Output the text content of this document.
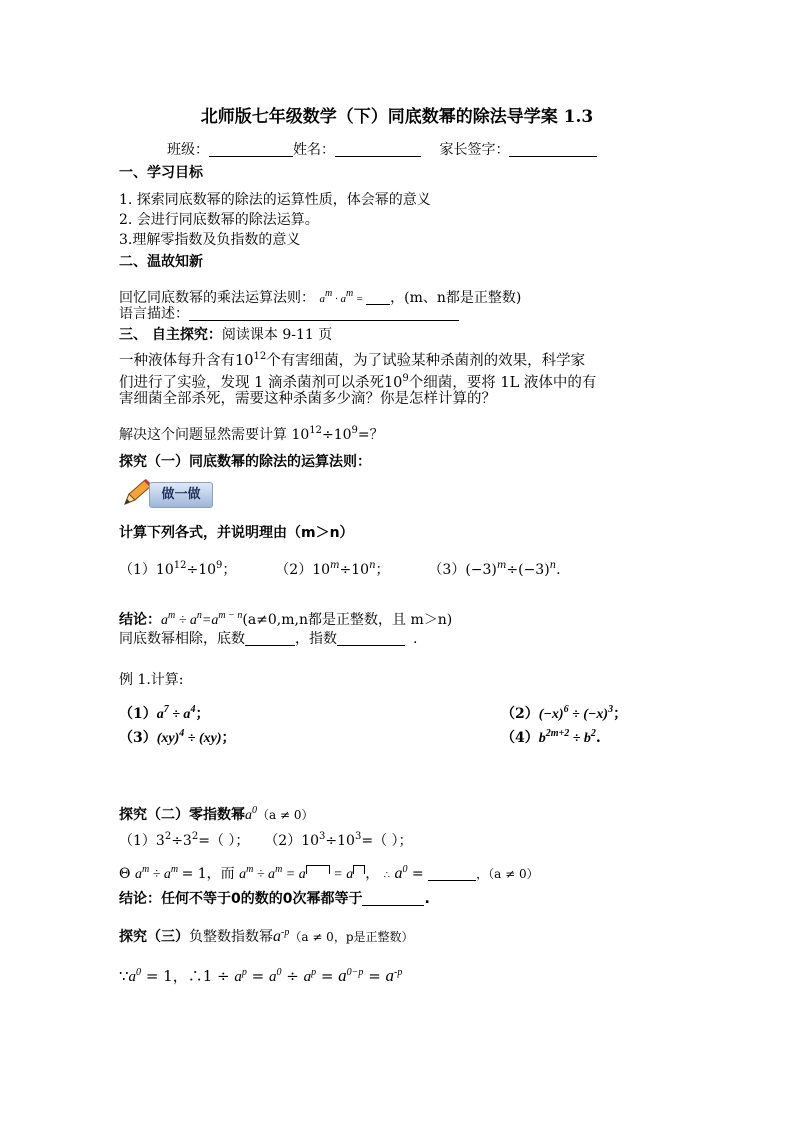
北师版七年级数学（下）同底数幂的除法导学案 1.3
班级：	姓名：	家长签字：
一、学习目标
1. 探索同底数幂的除法的运算性质，体会幂的意义
2. 会进行同底数幂的除法运算。
3.理解零指数及负指数的意义
二、温故知新
回忆同底数幂的乘法运算法则： am · am = ，(m、n都是正整数)
语言描述：
三、 自主探究：阅读课本 9-11 页
一种液体每升含有$10^{12}$个有害细菌，为了试验某种杀菌剂的效果，科学家
们进行了实验，发现 1 滴杀菌剂可以杀死$10^9$个细菌，要将 1L 液体中的有
害细菌全部杀死，需要这种杀菌多少滴？你是怎样计算的？
解决这个问题显然需要计算 $10^{12}\div 10^9=$？
探究（一）同底数幂的除法的运算法则：
做一做
计算下列各式，并说明理由（m＞n）
$(1)10^{12}\div 10^9$；	$(2)10^m\div 10^n$；	$(3)(-3)^m\div(-3)^n$.
结论：$a^m \div a^n=a^{m - n}(a\ne 0,m,n$都是正整数，且 m＞n)
同底数幂相除，底数	，指数	.
例 1.计算:
$(1)a^7 \div a^4$；	$(2)(-x)^6 \div (-x)^3$；
（3）(xy)$^4$ ÷ (xy)；	$(4)b^{2m+2} \div b^2$.
探究（二）零指数幂$a^0(a \ne 0)$
$(1)3^2\div 3^2=$（ ）； $(2)10^3\div 10^3=$（ ）；
Θ $a^m \div a^m = 1$，而 $a^m \div a^m = a = a$ ， ∴ $a^0$ =	，（a ≠ 0）
结论：任何不等于0的数的0次幂都等于	.
探究（三）负整数指数幂$a^{-p}(a \ne 0$，p是正整数）
$\because a^0 = 1$，∴1 ÷ $a^p = a^0 \div a^p = a^{0-p} = a^{-p}$
